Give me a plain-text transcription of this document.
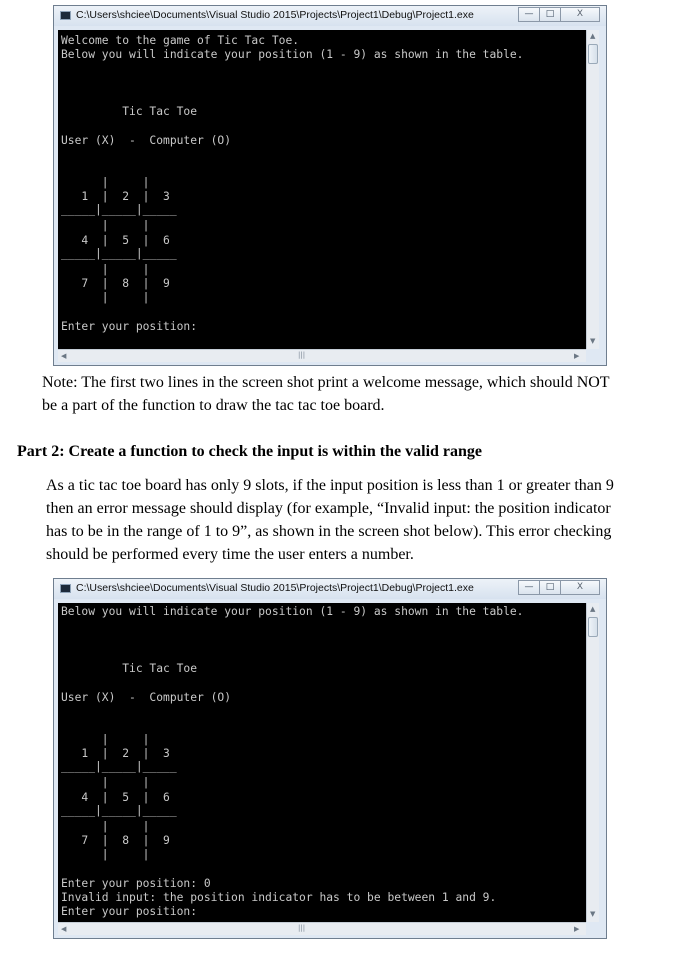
C:\Users\shciee\Documents\Visual Studio 2015\Projects\Project1\Debug\Project1.exe	—	□	X
Welcome to the game of Tic Tac Toe.
Below you will indicate your position (1 - 9) as shown in the table.
Tic Tac Toe
User (X)  -  Computer (O)
|     |
1  |  2  |  3
_____|_____|_____
|     |
4  |  5  |  6
_____|_____|_____
|     |
7  |  8  |  9
|     |
Enter your position:
▲
▼
◀	|||	▶
Note: The first two lines in the screen shot print a welcome message, which should NOT
be a part of the function to draw the tac tac toe board.
Part 2: Create a function to check the input is within the valid range
As a tic tac toe board has only 9 slots, if the input position is less than 1 or greater than 9
then an error message should display (for example, “Invalid input: the position indicator
has to be in the range of 1 to 9”, as shown in the screen shot below). This error checking
should be performed every time the user enters a number.
C:\Users\shciee\Documents\Visual Studio 2015\Projects\Project1\Debug\Project1.exe	—	□	X
Below you will indicate your position (1 - 9) as shown in the table.
Tic Tac Toe
User (X)  -  Computer (O)
|     |
1  |  2  |  3
_____|_____|_____
|     |
4  |  5  |  6
_____|_____|_____
|     |
7  |  8  |  9
|     |
Enter your position: 0
Invalid input: the position indicator has to be between 1 and 9.
Enter your position:
▲
▼
◀	|||	▶
